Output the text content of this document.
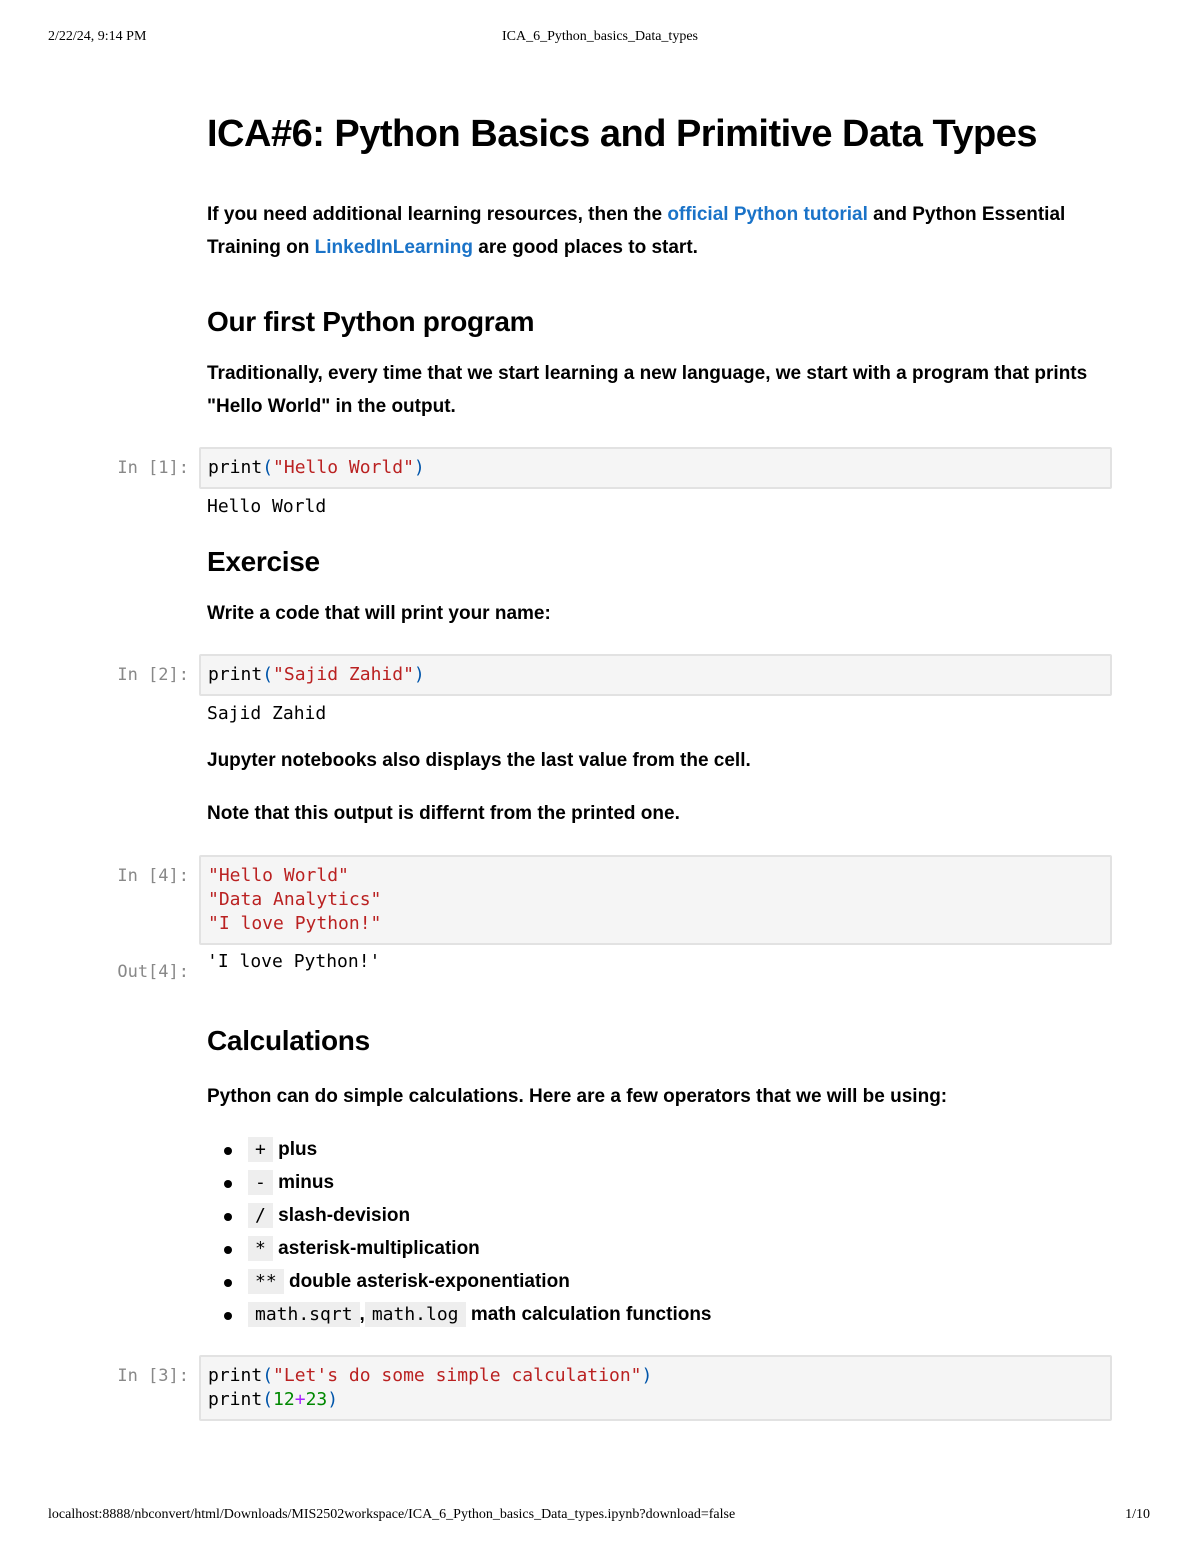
2/22/24, 9:14 PM	ICA_6_Python_basics_Data_types
ICA#6: Python Basics and Primitive Data Types

If you need additional learning resources, then the official Python tutorial and Python Essential Training on LinkedInLearning are good places to start.

Our first Python program

Traditionally, every time that we start learning a new language, we start with a program that prints "Hello World" in the output.

In [1]:	print("Hello World")
Hello World
Exercise

Write a code that will print your name:

In [2]:	print("Sajid Zahid")
Sajid Zahid

Jupyter notebooks also displays the last value from the cell.

Note that this output is differnt from the printed one.

In [4]:	"Hello World"
"Data Analytics"
"I love Python!"
Out[4]: 'I love Python!'
Calculations

Python can do simple calculations. Here are a few operators that we will be using:

+ plus
- minus
/ slash-devision
* asterisk-multiplication
** double asterisk-exponentiation
math.sqrt , math.log math calculation functions
In [3]:	print("Let's do some simple calculation")
print(12+23)
localhost:8888/nbconvert/html/Downloads/MIS2502workspace/ICA_6_Python_basics_Data_types.ipynb?download=false	1/10
